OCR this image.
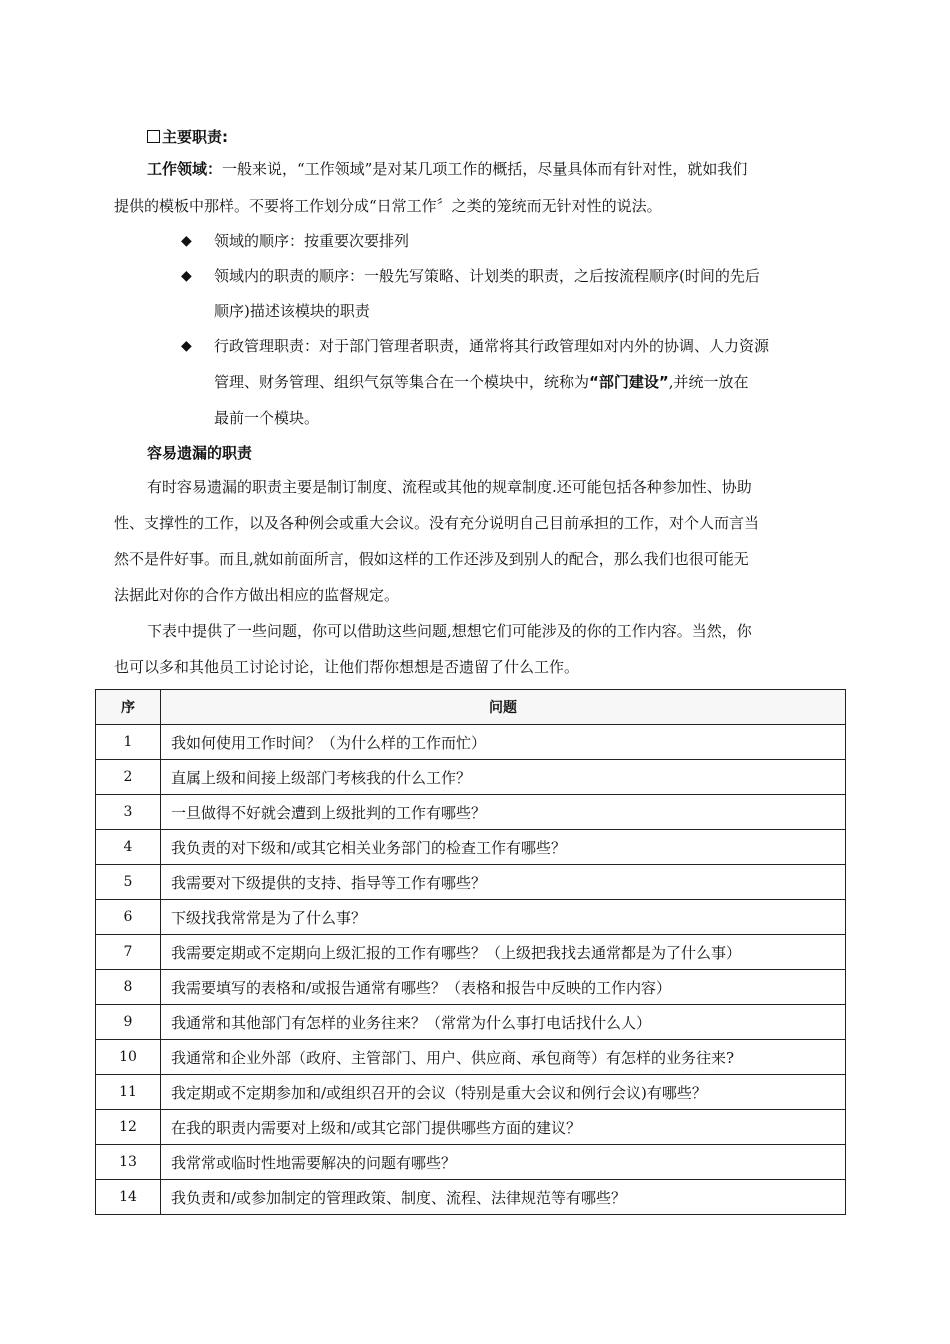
主要职责:
工作领域：一般来说，“工作领域”是对某几项工作的概括，尽量具体而有针对性，就如我们
提供的模板中那样。不要将工作划分成“日常工作〞之类的笼统而无针对性的说法。
◆ 领域的顺序：按重要次要排列
◆ 领域内的职责的顺序：一般先写策略、计划类的职责，之后按流程顺序(时间的先后
顺序)描述该模块的职责
◆ 行政管理职责：对于部门管理者职责，通常将其行政管理如对内外的协调、人力资源
管理、财务管理、组织气氛等集合在一个模块中，统称为“部门建设”,并统一放在
最前一个模块。
容易遗漏的职责
有时容易遗漏的职责主要是制订制度、流程或其他的规章制度.还可能包括各种参加性、协助
性、支撑性的工作，以及各种例会或重大会议。没有充分说明自己目前承担的工作，对个人而言当
然不是件好事。而且,就如前面所言，假如这样的工作还涉及到别人的配合，那么我们也很可能无
法据此对你的合作方做出相应的监督规定。
下表中提供了一些问题，你可以借助这些问题,想想它们可能涉及的你的工作内容。当然，你
也可以多和其他员工讨论讨论，让他们帮你想想是否遗留了什么工作。
序	问题
1	我如何使用工作时间？（为什么样的工作而忙）
2	直属上级和间接上级部门考核我的什么工作？
3	一旦做得不好就会遭到上级批判的工作有哪些？
4	我负责的对下级和/或其它相关业务部门的检查工作有哪些？
5	我需要对下级提供的支持、指导等工作有哪些？
6	下级找我常常是为了什么事？
7	我需要定期或不定期向上级汇报的工作有哪些？（上级把我找去通常都是为了什么事）
8	我需要填写的表格和/或报告通常有哪些？（表格和报告中反映的工作内容）
9	我通常和其他部门有怎样的业务往来？（常常为什么事打电话找什么人）
10	我通常和企业外部（政府、主管部门、用户、供应商、承包商等）有怎样的业务往来?
11	我定期或不定期参加和/或组织召开的会议（特别是重大会议和例行会议)有哪些？
12	在我的职责内需要对上级和/或其它部门提供哪些方面的建议？
13	我常常或临时性地需要解决的问题有哪些？
14	我负责和/或参加制定的管理政策、制度、流程、法律规范等有哪些？
